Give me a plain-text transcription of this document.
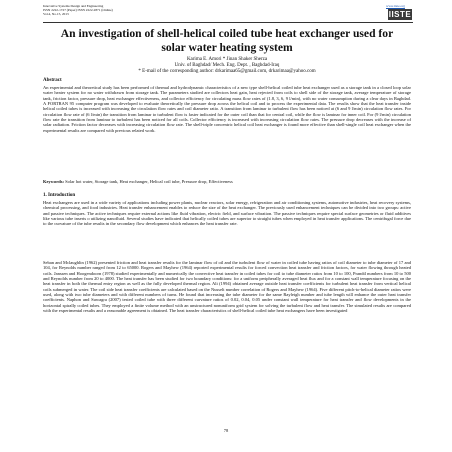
Innovative Systems Design and Engineering
ISSN 2222-1727 (Paper) ISSN 2222-2871 (Online)
Vol.4, No.15, 2013
www.iiste.org
IISTE
An investigation of shell-helical coiled tube heat exchanger used for solar water heating system

Karima E. Amori * Jinan Shaker Sherza

Univ. of Baghdad/ Mech. Eng. Dept. , Baghdad-Iraq

* E-mail of the corresponding author: drkarimaa65@gmail.com, drkarimaa@yahoo.com

Abstract

An experimental and theoretical study has been performed of thermal and hydrodynamic characteristics of a new type shell-helical coiled tube heat exchanger used as a storage tank in a closed loop solar water heater system for no water withdrawn from storage tank. The parameters studied are collectors heat gain, heat rejected from coils to shell side of the storage tank, average temperature of storage tank, friction factor, pressure drop, heat exchanger effectiveness, and collector efficiency for circulating mass flow rates of (1.8, 3, 6, 9 l/min), with no water consumption during a clear days in Baghdad. A FORTRAN 95 computer program was developed to evaluate theoretically the pressure drop across the helical coil and to process the experimental data. The results show that the heat transfer inside helical coiled tubes is increased with increasing the circulation flow rates and coil diameter ratio. A transition from laminar to turbulent flow has been noticed at (6 and 9 l/min) circulation flow rates. For circulation flow rate of (6 l/min) the transition from laminar to turbulent flow is faster indicated for the outer coil than that for central coil, while the flow is laminar for inner coil. For (9 l/min) circulation flow rate the transition from laminar to turbulent has been noticed for all coils. Collector efficiency is increased with increasing circulation flow rates. The pressure drop decreases with the increase of solar radiation. Friction factor decreases with increasing circulation flow rate. The shell-triple concentric helical coil heat exchanger is found more effective than shell-single coil heat exchanger when the experimental results are compared with previous related work.

Keywords: Solar hot water, Storage tank, Heat exchanger, Helical coil tube, Pressure drop, Effectiveness

1. Introduction

Heat exchangers are used in a wide variety of applications including power plants, nuclear reactors, solar energy, refrigeration and air conditioning systems, automotive industries, heat recovery systems, chemical processing, and food industries. Heat transfer enhancement enables to reduce the size of the heat exchanger. The previously used enhancement techniques can be divided into two groups: active and passive techniques. The active techniques require external actions like fluid vibration, electric field, and surface vibration. The passive techniques require special surface geometries or fluid additives like various tube inserts o utilizing nanofluid. Several studies have indicated that helically coiled tubes are superior to straight tubes when employed in heat transfer applications. The centrifugal force due to the curvature of the tube results in the secondary flow development which enhances the heat transfer rate.

Seban and Mclaughlin (1962) presented friction and heat transfer results for the laminar flow of oil and the turbulent flow of water in coiled tube having ratios of coil diameter to tube diameter of 17 and 104, for Reynolds number ranged from 12 to 65000. Rogers and Mayhew (1964) reported experimental results for forced convection heat transfer and friction factors, for water flowing through heated coils. Janssen and Hoogendoorn (1978) studied experimentally and numerically the convective heat transfer in coiled tubes for coil to tube diameter ratios from 10 to 100, Prandtl numbers from 10 to 500 and Reynolds number from 20 to 4000. The heat transfer has been studied for two boundary conditions: for a uniform peripherally averaged heat flux and for a constant wall temperature focusing on the heat transfer in both the thermal entry region as well as the fully developed thermal region. Ali (1994) obtained average outside heat transfer coefficients for turbulent heat transfer from vertical helical coils submerged in water. The coil side heat transfer coefficients are calculated based on the Nusselt number correlation of Rogers and Mayhew (1964). Five different pitch-to-helical diameter ratios were used, along with two tube diameters and with different numbers of turns. He found that increasing the tube diameter for the same Rayleigh number and tube length will enhance the outer heat transfer coefficients. Naphon and Suwagra (2007) tested coiled tube with three different curvature ratios of 0.02, 0.04, 0.05 under constant wall temperature for heat transfer and flow developments in the horizontal spirally coiled tubes. They employed a finite volume method with an unstructured nonuniform grid system for solving the turbulent flow and heat transfer. The simulated results are compared with the experimental results and a reasonable agreement is obtained. The heat transfer characteristics of shell-helical coiled tube heat exchangers have been investigated

78
